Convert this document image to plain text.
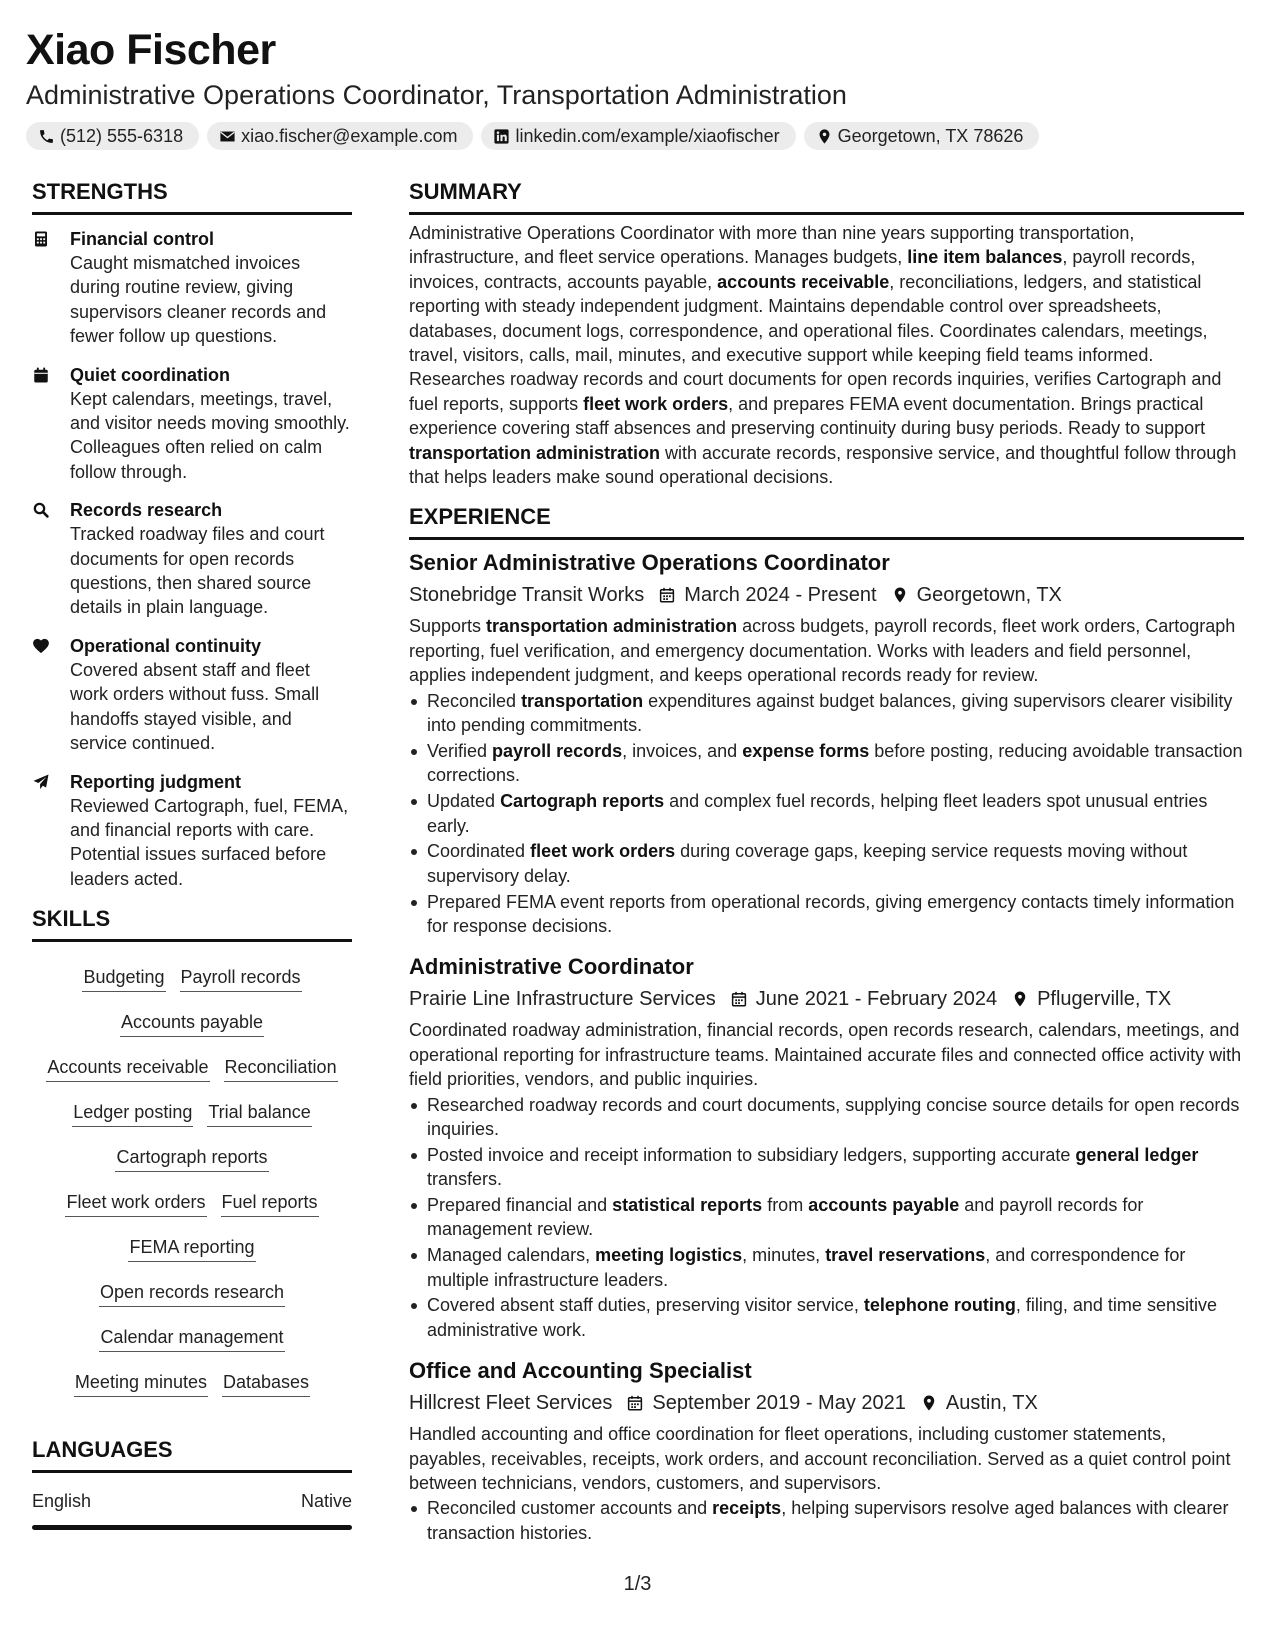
Xiao Fischer
Administrative Operations Coordinator, Transportation Administration
(512) 555-6318	xiao.fischer@example.com	linkedin.com/example/xiaofischer	Georgetown, TX 78626
STRENGTHS
Financial control
Caught mismatched invoices during routine review, giving supervisors cleaner records and fewer follow up questions.
Quiet coordination
Kept calendars, meetings, travel, and visitor needs moving smoothly. Colleagues often relied on calm follow through.
Records research
Tracked roadway files and court documents for open records questions, then shared source details in plain language.
Operational continuity
Covered absent staff and fleet work orders without fuss. Small handoffs stayed visible, and service continued.
Reporting judgment
Reviewed Cartograph, fuel, FEMA, and financial reports with care. Potential issues surfaced before leaders acted.
SKILLS
Budgeting Payroll records
Accounts payable
Accounts receivable Reconciliation
Ledger posting Trial balance
Cartograph reports
Fleet work orders Fuel reports
FEMA reporting
Open records research
Calendar management
Meeting minutes Databases
LANGUAGES
English	Native
SUMMARY
Administrative Operations Coordinator with more than nine years supporting transportation, infrastructure, and fleet service operations. Manages budgets, line item balances, payroll records, invoices, contracts, accounts payable, accounts receivable, reconciliations, ledgers, and statistical reporting with steady independent judgment. Maintains dependable control over spreadsheets, databases, document logs, correspondence, and operational files. Coordinates calendars, meetings, travel, visitors, calls, mail, minutes, and executive support while keeping field teams informed. Researches roadway records and court documents for open records inquiries, verifies Cartograph and fuel reports, supports fleet work orders, and prepares FEMA event documentation. Brings practical experience covering staff absences and preserving continuity during busy periods. Ready to support transportation administration with accurate records, responsive service, and thoughtful follow through that helps leaders make sound operational decisions.
EXPERIENCE
Senior Administrative Operations Coordinator
Stonebridge Transit Works March 2024 - Present Georgetown, TX
Supports transportation administration across budgets, payroll records, fleet work orders, Cartograph reporting, fuel verification, and emergency documentation. Works with leaders and field personnel, applies independent judgment, and keeps operational records ready for review.
Reconciled transportation expenditures against budget balances, giving supervisors clearer visibility into pending commitments.
Verified payroll records, invoices, and expense forms before posting, reducing avoidable transaction corrections.
Updated Cartograph reports and complex fuel records, helping fleet leaders spot unusual entries early.
Coordinated fleet work orders during coverage gaps, keeping service requests moving without supervisory delay.
Prepared FEMA event reports from operational records, giving emergency contacts timely information for response decisions.
Administrative Coordinator
Prairie Line Infrastructure Services June 2021 - February 2024 Pflugerville, TX
Coordinated roadway administration, financial records, open records research, calendars, meetings, and operational reporting for infrastructure teams. Maintained accurate files and connected office activity with field priorities, vendors, and public inquiries.
Researched roadway records and court documents, supplying concise source details for open records inquiries.
Posted invoice and receipt information to subsidiary ledgers, supporting accurate general ledger transfers.
Prepared financial and statistical reports from accounts payable and payroll records for management review.
Managed calendars, meeting logistics, minutes, travel reservations, and correspondence for multiple infrastructure leaders.
Covered absent staff duties, preserving visitor service, telephone routing, filing, and time sensitive administrative work.
Office and Accounting Specialist
Hillcrest Fleet Services September 2019 - May 2021 Austin, TX
Handled accounting and office coordination for fleet operations, including customer statements, payables, receivables, receipts, work orders, and account reconciliation. Served as a quiet control point between technicians, vendors, customers, and supervisors.
Reconciled customer accounts and receipts, helping supervisors resolve aged balances with clearer transaction histories.
1/3
